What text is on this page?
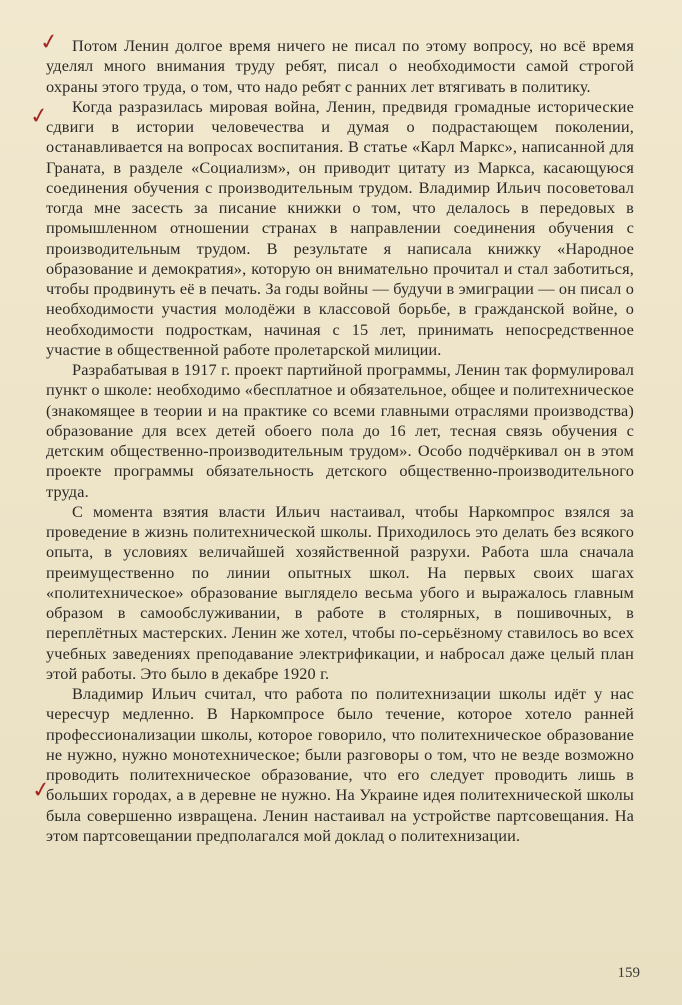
✓
✓
✓

Потом Ленин долгое время ничего не писал по этому вопросу, но всё время уделял много внимания труду ребят, писал о необходимости самой строгой охраны этого труда, о том, что надо ребят с ранних лет втягивать в политику.

Когда разразилась мировая война, Ленин, предвидя громадные исторические сдвиги в истории человечества и думая о подрастающем поколении, останавливается на вопросах воспитания. В статье «Карл Маркс», написанной для Граната, в разделе «Социализм», он приводит цитату из Маркса, касающуюся соединения обучения с производительным трудом. Владимир Ильич посоветовал тогда мне засесть за писание книжки о том, что делалось в передовых в промышленном отношении странах в направлении соединения обучения с производительным трудом. В результате я написала книжку «Народное образование и демократия», которую он внимательно прочитал и стал заботиться, чтобы продвинуть её в печать. За годы войны — будучи в эмиграции — он писал о необходимости участия молодёжи в классовой борьбе, в гражданской войне, о необходимости подросткам, начиная с 15 лет, принимать непосредственное участие в общественной работе пролетарской милиции.

Разрабатывая в 1917 г. проект партийной программы, Ленин так формулировал пункт о школе: необходимо «бесплатное и обязательное, общее и политехническое (знакомящее в теории и на практике со всеми главными отраслями производства) образование для всех детей обоего пола до 16 лет, тесная связь обучения с детским общественно-производительным трудом». Особо подчёркивал он в этом проекте программы обязательность детского общественно-производительного труда.

С момента взятия власти Ильич настаивал, чтобы Наркомпрос взялся за проведение в жизнь политехнической школы. Приходилось это делать без всякого опыта, в условиях величайшей хозяйственной разрухи. Работа шла сначала преимущественно по линии опытных школ. На первых своих шагах «политехническое» образование выглядело весьма убого и выражалось главным образом в самообслуживании, в работе в столярных, в пошивочных, в переплётных мастерских. Ленин же хотел, чтобы по-серьёзному ставилось во всех учебных заведениях преподавание электрификации, и набросал даже целый план этой работы. Это было в декабре 1920 г.

Владимир Ильич считал, что работа по политехнизации школы идёт у нас чересчур медленно. В Наркомпросе было течение, которое хотело ранней профессионализации школы, которое говорило, что политехническое образование не нужно, нужно монотехническое; были разговоры о том, что не везде возможно проводить политехническое образование, что его следует проводить лишь в больших городах, а в деревне не нужно. На Украине идея политехнической школы была совершенно извращена. Ленин настаивал на устройстве партсовещания. На этом партсовещании предполагался мой доклад о политехнизации.

159
